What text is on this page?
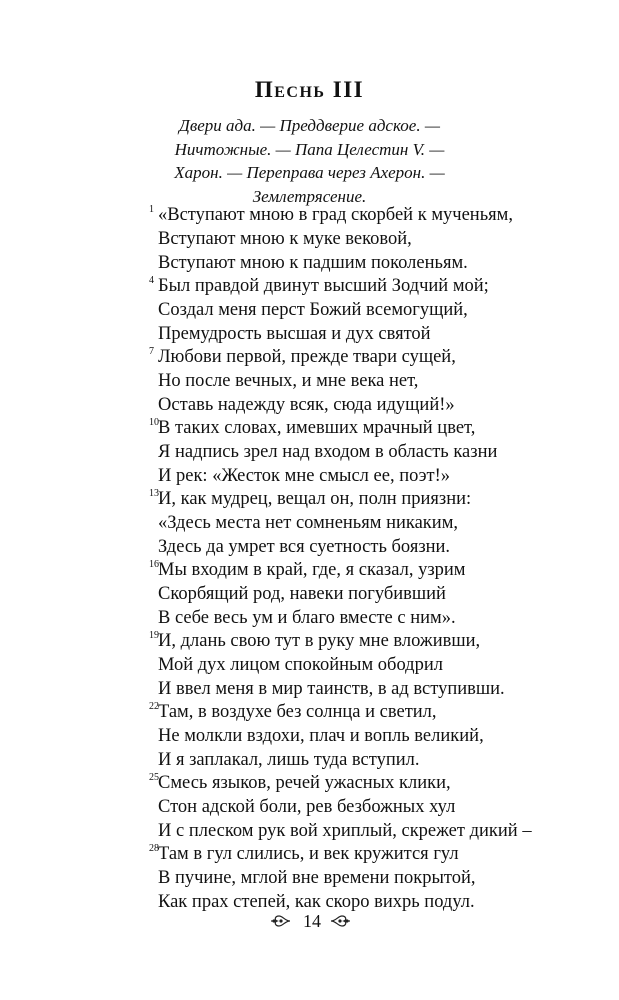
Песнь III
Двери ада. — Преддверие адское. —
Ничтожные. — Папа Целестин V. —
Харон. — Переправа через Ахерон. —
Землетрясение.
1 «Вступают мною в град скорбей к мученьям,
Вступают мною к муке вековой,
Вступают мною к падшим поколеньям.
4 Был правдой двинут высший Зодчий мой;
Создал меня перст Божий всемогущий,
Премудрость высшая и дух святой
7 Любови первой, прежде твари сущей,
Но после вечных, и мне века нет,
Оставь надежду всяк, сюда идущий!»
10 В таких словах, имевших мрачный цвет,
Я надпись зрел над входом в область казни
И рек: «Жесток мне смысл ее, поэт!»
13 И, как мудрец, вещал он, полн приязни:
«Здесь места нет сомненьям никаким,
Здесь да умрет вся суетность боязни.
16 Мы входим в край, где, я сказал, узрим
Скорбящий род, навеки погубивший
В себе весь ум и благо вместе с ним».
19 И, длань свою тут в руку мне вложивши,
Мой дух лицом спокойным ободрил
И ввел меня в мир таинств, в ад вступивши.
22 Там, в воздухе без солнца и светил,
Не молкли вздохи, плач и вопль великий,
И я заплакал, лишь туда вступил.
25 Смесь языков, речей ужасных клики,
Стон адской боли, рев безбожных хул
И с плеском рук вой хриплый, скрежет дикий –
28 Там в гул слились, и век кружится гул
В пучине, мглой вне времени покрытой,
Как прах степей, как скоро вихрь подул.
14
